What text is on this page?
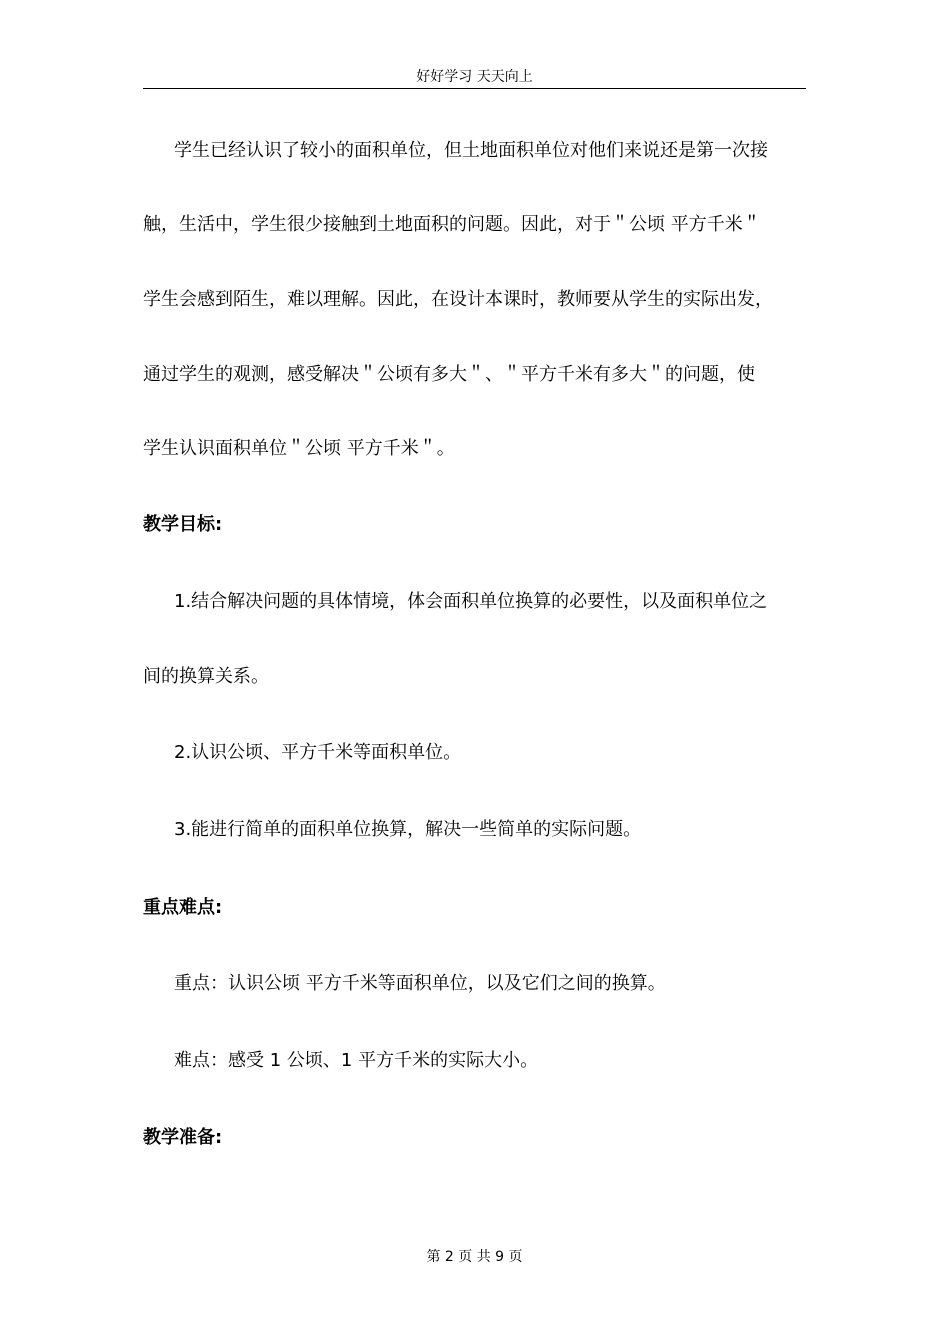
好好学习 天天向上
学生已经认识了较小的面积单位，但土地面积单位对他们来说还是第一次接
触，生活中，学生很少接触到土地面积的问题。因此，对于＂公顷 平方千米＂
学生会感到陌生，难以理解。因此，在设计本课时，教师要从学生的实际出发，
通过学生的观测，感受解决＂公顷有多大＂、＂平方千米有多大＂的问题，使
学生认识面积单位＂公顷 平方千米＂。
教学目标:
1.结合解决问题的具体情境，体会面积单位换算的必要性，以及面积单位之
间的换算关系。
2.认识公顷、平方千米等面积单位。
3.能进行简单的面积单位换算，解决一些简单的实际问题。
重点难点:
重点：认识公顷 平方千米等面积单位，以及它们之间的换算。
难点：感受 1 公顷、1 平方千米的实际大小。
教学准备:
第 2 页 共 9 页
